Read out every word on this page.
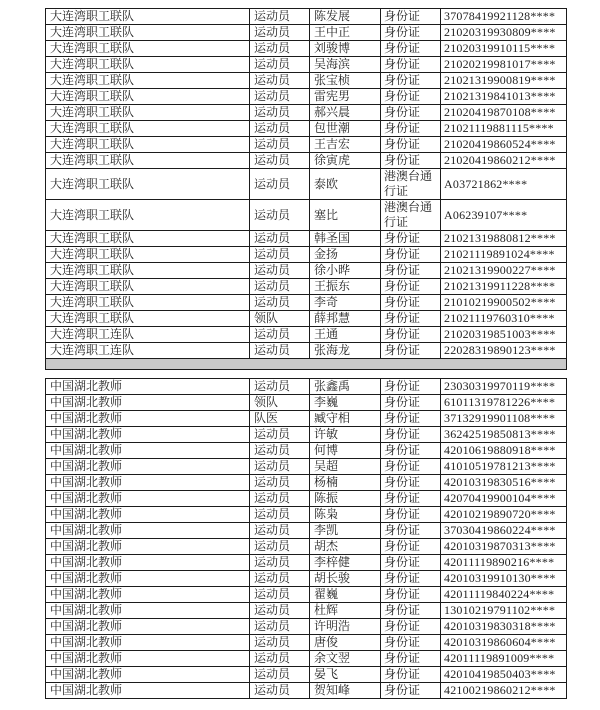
大连湾职工联队	运动员	陈发展	身份证	37078419921128****
大连湾职工联队	运动员	王中正	身份证	21020319930809****
大连湾职工联队	运动员	刘骏博	身份证	21020319910115****
大连湾职工联队	运动员	吴海滨	身份证	21020219981017****
大连湾职工联队	运动员	张宝桢	身份证	21021319900819****
大连湾职工联队	运动员	雷宪男	身份证	21021319841013****
大连湾职工联队	运动员	郝兴晨	身份证	21020419870108****
大连湾职工联队	运动员	包世潮	身份证	21021119881115****
大连湾职工联队	运动员	王吉宏	身份证	21020419860524****
大连湾职工联队	运动员	徐寅虎	身份证	21020419860212****
大连湾职工联队	运动员	泰欧	港澳台通行证	A03721862****
大连湾职工联队	运动员	塞比	港澳台通行证	A06239107****
大连湾职工联队	运动员	韩圣国	身份证	21021319880812****
大连湾职工联队	运动员	金扬	身份证	21021119891024****
大连湾职工联队	运动员	徐小晔	身份证	21021319900227****
大连湾职工联队	运动员	王振东	身份证	21021319911228****
大连湾职工联队	运动员	李奇	身份证	21010219900502****
大连湾职工联队	领队	薛邦慧	身份证	21021119760310****
大连湾职工连队	运动员	王通	身份证	21020319851003****
大连湾职工连队	运动员	张海龙	身份证	22028319890123****

中国湖北教师	运动员	张鑫禹	身份证	23030319970119****
中国湖北教师	领队	李巍	身份证	61011319781226****
中国湖北教师	队医	臧守相	身份证	37132919901108****
中国湖北教师	运动员	许敏	身份证	36242519850813****
中国湖北教师	运动员	何博	身份证	42010619880918****
中国湖北教师	运动员	吴超	身份证	41010519781213****
中国湖北教师	运动员	杨楠	身份证	42010319830516****
中国湖北教师	运动员	陈振	身份证	42070419900104****
中国湖北教师	运动员	陈枭	身份证	42010219890720****
中国湖北教师	运动员	李凯	身份证	37030419860224****
中国湖北教师	运动员	胡杰	身份证	42010319870313****
中国湖北教师	运动员	李梓健	身份证	42011119890216****
中国湖北教师	运动员	胡长骏	身份证	42010319910130****
中国湖北教师	运动员	翟巍	身份证	42011119840224****
中国湖北教师	运动员	杜辉	身份证	13010219791102****
中国湖北教师	运动员	许明浩	身份证	42010319830318****
中国湖北教师	运动员	唐俊	身份证	42010319860604****
中国湖北教师	运动员	余文翌	身份证	42011119891009****
中国湖北教师	运动员	晏飞	身份证	42010419850403****
中国湖北教师	运动员	贺知峰	身份证	42100219860212****
